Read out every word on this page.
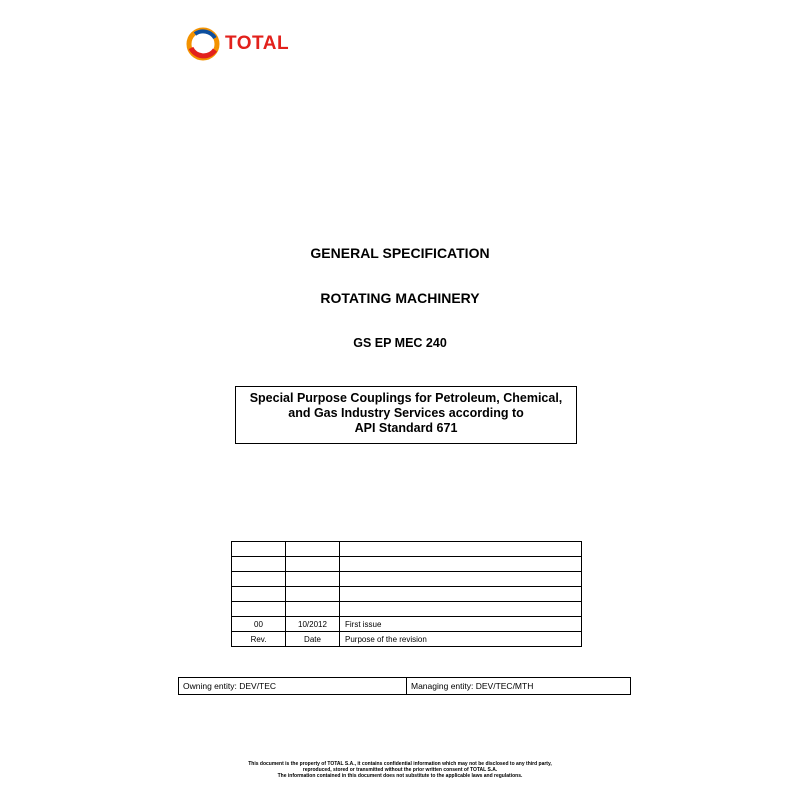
TOTAL
GENERAL SPECIFICATION
ROTATING MACHINERY
GS EP MEC 240
Special Purpose Couplings for Petroleum, Chemical,
and Gas Industry Services according to
API Standard 671

00	10/2012	First issue
Rev.	Date	Purpose of the revision
Owning entity: DEV/TEC	Managing entity: DEV/TEC/MTH
This document is the property of TOTAL S.A., it contains confidential information which may not be disclosed to any third party,
reproduced, stored or transmitted without the prior written consent of TOTAL S.A.
The information contained in this document does not substitute to the applicable laws and regulations.
